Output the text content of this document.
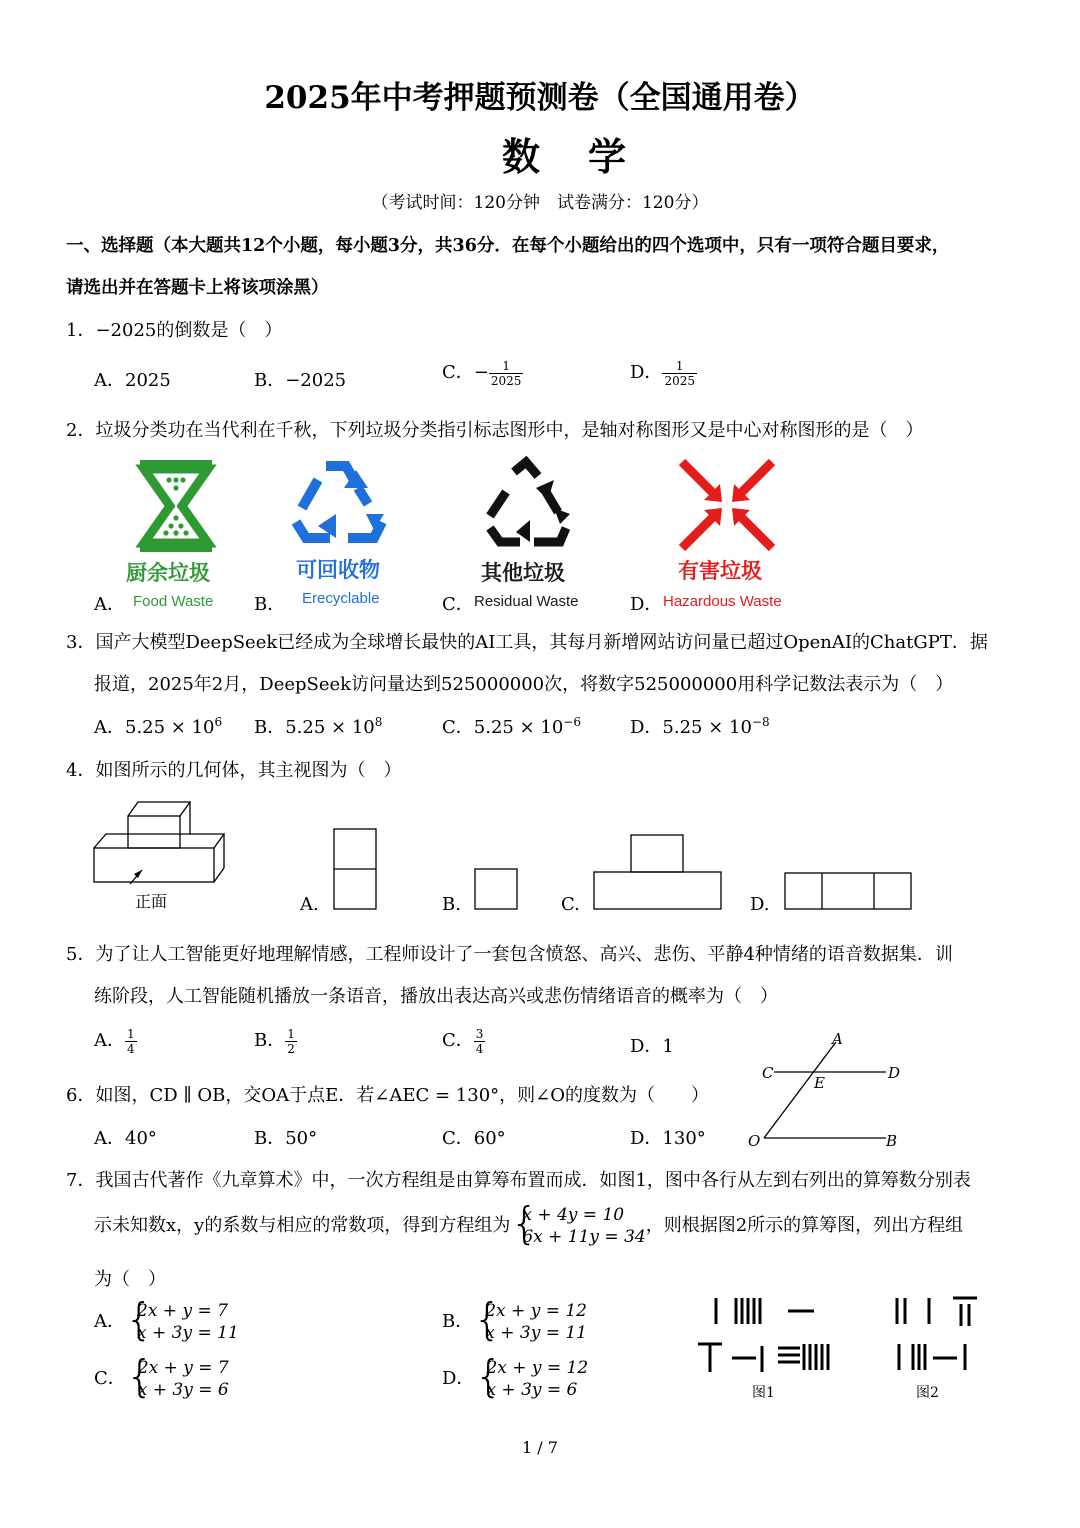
2025年中考押题预测卷（全国通用卷）
数学
（考试时间：120分钟　试卷满分：120分）
一、选择题（本大题共12个小题，每小题3分，共36分．在每个小题给出的四个选项中，只有一项符合题目要求，
请选出并在答题卡上将该项涂黑）
1．−2025的倒数是（　）
A．2025	B．−2025	C．− $\frac{1}{2025}$	D． $\frac{1}{2025}$
2．垃圾分类功在当代利在千秋，下列垃圾分类指引标志图形中，是轴对称图形又是中心对称图形的是（　）
厨余垃圾	可回收物	其他垃圾	有害垃圾
A． Food Waste B． Erecyclable	C． Residual Waste	D． Hazardous Waste
3．国产大模型DeepSeek已经成为全球增长最快的AI工具，其每月新增网站访问量已超过OpenAI的ChatGPT．据
报道，2025年2月，DeepSeek访问量达到525000000次，将数字525000000用科学记数法表示为（　）
A．$5.25 \times 10^6$ B．$5.25 \times 10^8$	C．$5.25 \times 10^{-6}$	D．$5.25 \times 10^{-8}$
4．如图所示的几何体，其主视图为（　）
正面	A.	B.	C.	D.
5．为了让人工智能更好地理解情感，工程师设计了一套包含愤怒、高兴、悲伤、平静4种情绪的语音数据集．训
练阶段，人工智能随机播放一条语音，播放出表达高兴或悲伤情绪语音的概率为（　）
A． $\frac{1}{4}$	B． $\frac{1}{2}$	C． $\frac{3}{4}$	D．1	A
C	D
E
O	B
6．如图，CD ∥ OB，交OA于点E．若∠AEC = 130°，则∠O的度数为（　　）
A．40°	B．50°	C．60°	D．130°
7．我国古代著作《九章算术》中，一次方程组是由算筹布置而成．如图1，图中各行从左到右列出的算筹数分别表
示未知数x，y的系数与相应的常数项，得到方程组为 {
x + 4y = 10
6x + 11y = 34
，则根据图2所示的算筹图，列出方程组
为（　）
A． {
2x + y = 7
x + 3y = 11
B． {
2x + y = 12
x + 3y = 11
C． {
2x + y = 7
x + 3y = 6
D． {
2x + y = 12
x + 3y = 6	图1	图2
1 / 7
